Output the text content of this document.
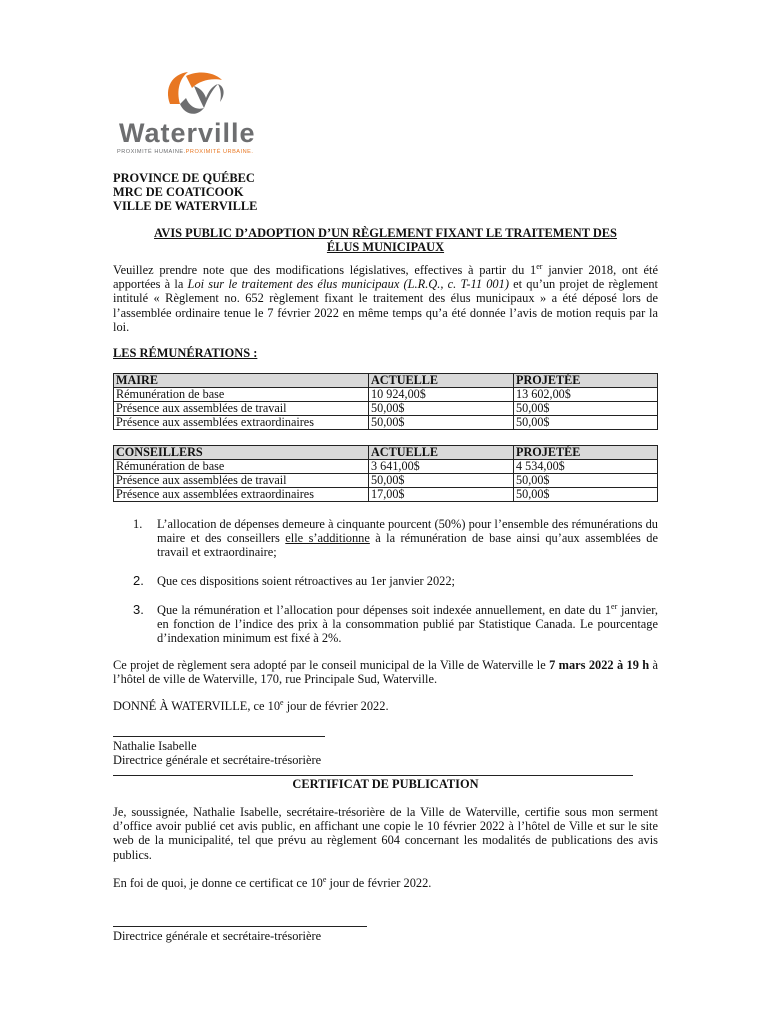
Waterville
PROXIMITÉ HUMAINE.PROXIMITÉ URBAINE.
PROVINCE DE QUÉBEC
MRC DE COATICOOK
VILLE DE WATERVILLE
AVIS PUBLIC D’ADOPTION D’UN RÈGLEMENT FIXANT LE TRAITEMENT DES
ÉLUS MUNICIPAUX
Veuillez prendre note que des modifications législatives, effectives à partir du 1er janvier 2018, ont été apportées à la Loi sur le traitement des élus municipaux (L.R.Q., c. T-11 001) et qu’un projet de règlement intitulé « Règlement no. 652 règlement fixant le traitement des élus municipaux » a été déposé lors de l’assemblée ordinaire tenue le 7 février 2022 en même temps qu’a été donnée l’avis de motion requis par la loi.
LES RÉMUNÉRATIONS :
MAIRE	ACTUELLE	PROJETÉE
Rémunération de base	10 924,00$	13 602,00$
Présence aux assemblées de travail	50,00$	50,00$
Présence aux assemblées extraordinaires	50,00$	50,00$
CONSEILLERS	ACTUELLE	PROJETÉE
Rémunération de base	3 641,00$	4 534,00$
Présence aux assemblées de travail	50,00$	50,00$
Présence aux assemblées extraordinaires	17,00$	50,00$
1. L’allocation de dépenses demeure à cinquante pourcent (50%) pour l’ensemble des rémunérations du maire et des conseillers elle s’additionne à la rémunération de base ainsi qu’aux assemblées de travail et extraordinaire;
2. Que ces dispositions soient rétroactives au 1er janvier 2022;
3. Que la rémunération et l’allocation pour dépenses soit indexée annuellement, en date du 1er janvier, en fonction de l’indice des prix à la consommation publié par Statistique Canada. Le pourcentage d’indexation minimum est fixé à 2%.
Ce projet de règlement sera adopté par le conseil municipal de la Ville de Waterville le 7 mars 2022 à 19 h à l’hôtel de ville de Waterville, 170, rue Principale Sud, Waterville.
DONNÉ À WATERVILLE, ce 10e jour de février 2022.
Nathalie Isabelle
Directrice générale et secrétaire-trésorière
CERTIFICAT DE PUBLICATION
Je, soussignée, Nathalie Isabelle, secrétaire-trésorière de la Ville de Waterville, certifie sous mon serment d’office avoir publié cet avis public, en affichant une copie le 10 février 2022 à l’hôtel de Ville et sur le site web de la municipalité, tel que prévu au règlement 604 concernant les modalités de publications des avis publics.
En foi de quoi, je donne ce certificat ce 10e jour de février 2022.
Directrice générale et secrétaire-trésorière
